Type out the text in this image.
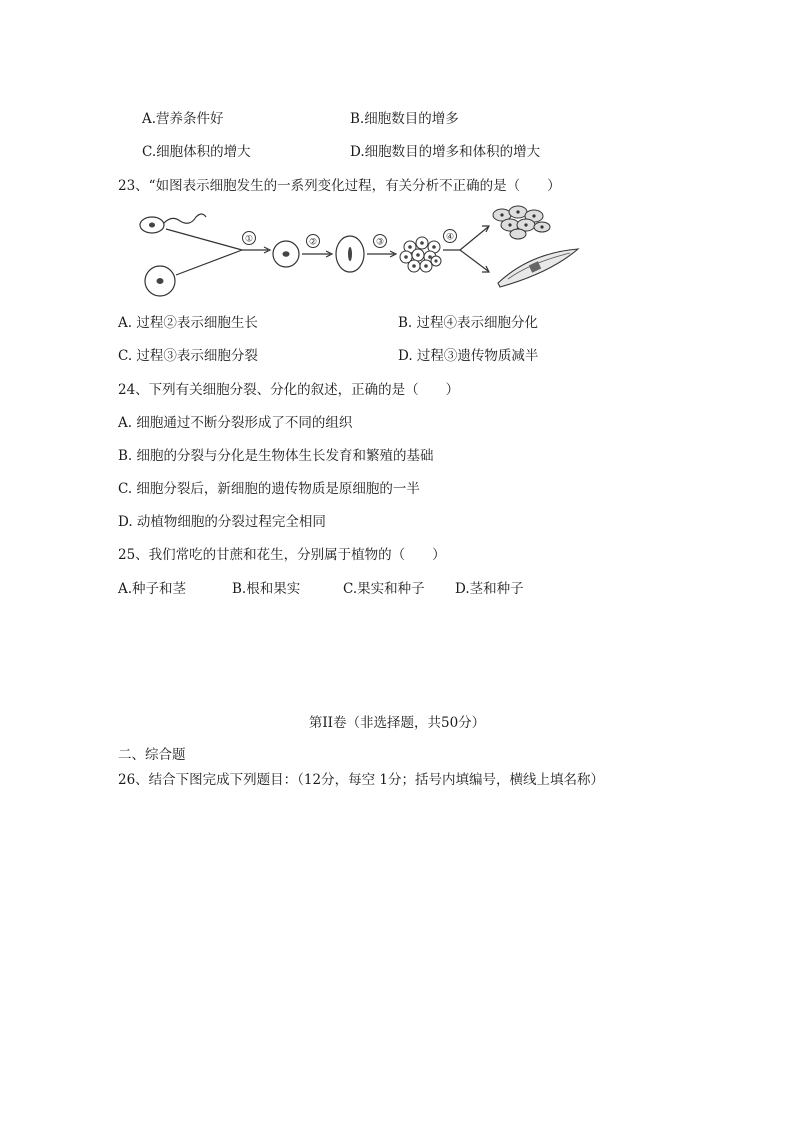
A.营养条件好	B.细胞数目的增多
C.细胞体积的增大	D.细胞数目的增多和体积的增大
23、“如图表示细胞发生的一系列变化过程，有关分析不正确的是（　　）
①	②	③	④
A. 过程②表示细胞生长	B. 过程④表示细胞分化
C. 过程③表示细胞分裂	D. 过程③遗传物质减半
24、下列有关细胞分裂、分化的叙述，正确的是（　　）
A. 细胞通过不断分裂形成了不同的组织
B. 细胞的分裂与分化是生物体生长发育和繁殖的基础
C. 细胞分裂后，新细胞的遗传物质是原细胞的一半
D. 动植物细胞的分裂过程完全相同
25、我们常吃的甘蔗和花生，分别属于植物的（　　）
A.种子和茎	B.根和果实	C.果实和种子 D.茎和种子
第II卷（非选择题，共50分）
二、综合题
26、结合下图完成下列题目：（12分，每空 1分；括号内填编号，横线上填名称）
